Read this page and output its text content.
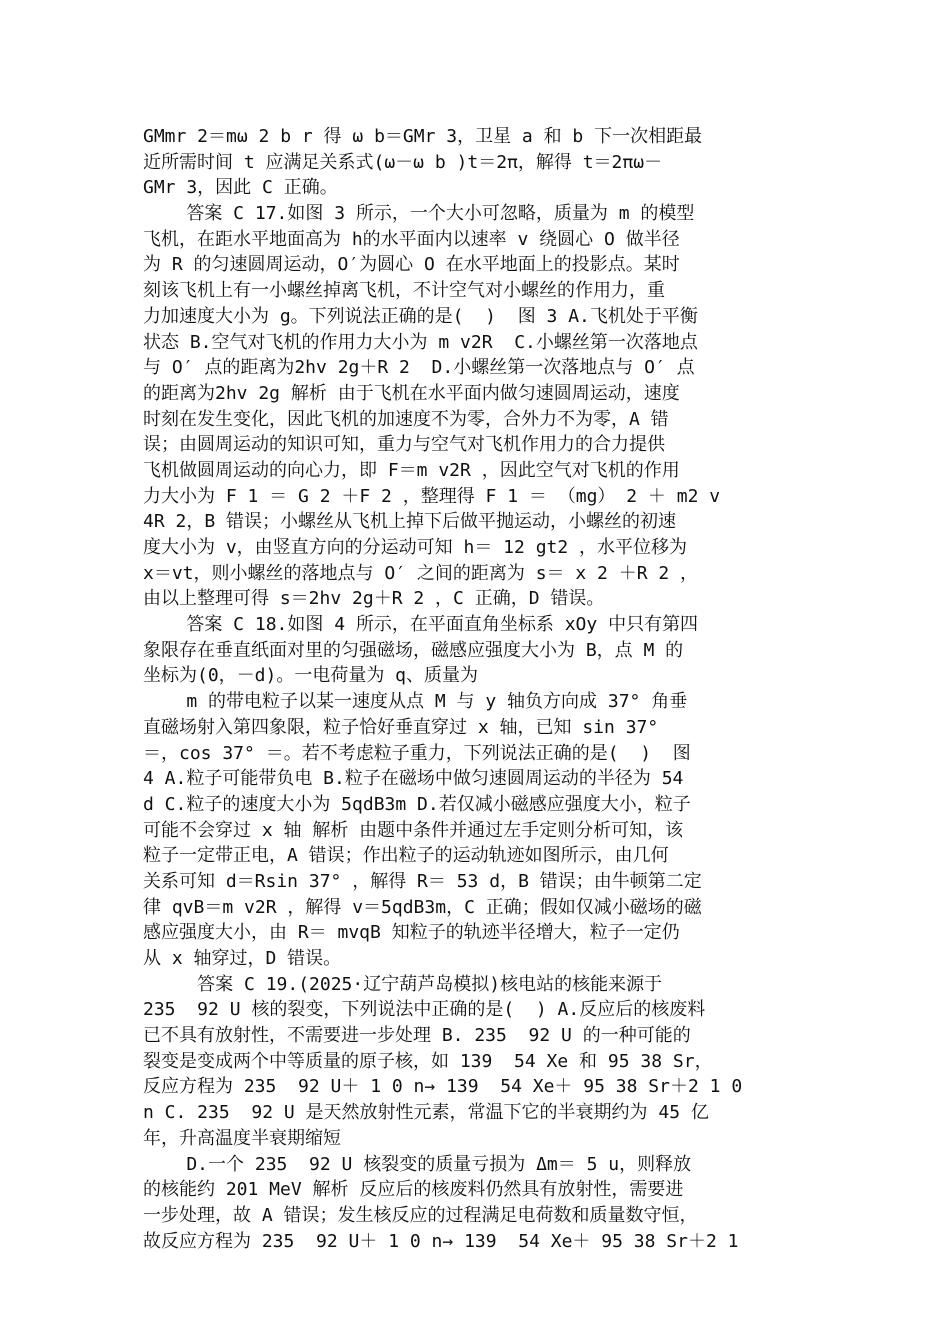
GMmr 2＝mω 2 b r 得 ω b＝GMr 3，卫星 a 和 b 下一次相距最
近所需时间 t 应满足关系式(ω－ω b )t＝2π，解得 t＝2πω－
GMr 3，因此 C 正确。
答案 C 17.如图 3 所示，一个大小可忽略，质量为 m 的模型
飞机，在距水平地面高为 h的水平面内以速率 v 绕圆心 O 做半径
为 R 的匀速圆周运动，O′为圆心 O 在水平地面上的投影点。某时
刻该飞机上有一小螺丝掉离飞机，不计空气对小螺丝的作用力，重
力加速度大小为 g。下列说法正确的是(  )  图 3 A.飞机处于平衡
状态 B.空气对飞机的作用力大小为 m v2R  C.小螺丝第一次落地点
与 O′ 点的距离为2hv 2g＋R 2  D.小螺丝第一次落地点与 O′ 点
的距离为2hv 2g 解析 由于飞机在水平面内做匀速圆周运动，速度
时刻在发生变化，因此飞机的加速度不为零，合外力不为零，A 错
误；由圆周运动的知识可知，重力与空气对飞机作用力的合力提供
飞机做圆周运动的向心力，即 F＝m v2R ，因此空气对飞机的作用
力大小为 F 1 ＝ G 2 ＋F 2 ，整理得 F 1 ＝ （mg） 2 ＋ m2 v
4R 2，B 错误；小螺丝从飞机上掉下后做平抛运动，小螺丝的初速
度大小为 v，由竖直方向的分运动可知 h＝ 12 gt2 ，水平位移为
x＝vt，则小螺丝的落地点与 O′ 之间的距离为 s＝ x 2 ＋R 2 ，
由以上整理可得 s＝2hv 2g＋R 2 ，C 正确，D 错误。
答案 C 18.如图 4 所示，在平面直角坐标系 xOy 中只有第四
象限存在垂直纸面对里的匀强磁场，磁感应强度大小为 B，点 M 的
坐标为(0，－d)。一电荷量为 q、质量为
m 的带电粒子以某一速度从点 M 与 y 轴负方向成 37° 角垂
直磁场射入第四象限，粒子恰好垂直穿过 x 轴，已知 sin 37°
＝，cos 37° ＝。若不考虑粒子重力，下列说法正确的是(  )  图
4 A.粒子可能带负电 B.粒子在磁场中做匀速圆周运动的半径为 54
d C.粒子的速度大小为 5qdB3m D.若仅减小磁感应强度大小，粒子
可能不会穿过 x 轴 解析 由题中条件并通过左手定则分析可知，该
粒子一定带正电，A 错误；作出粒子的运动轨迹如图所示，由几何
关系可知 d＝Rsin 37° ，解得 R＝ 53 d，B 错误；由牛顿第二定
律 qvB＝m v2R ，解得 v＝5qdB3m，C 正确；假如仅减小磁场的磁
感应强度大小，由 R＝ mvqB 知粒子的轨迹半径增大，粒子一定仍
从 x 轴穿过，D 错误。
答案 C 19.(2025·辽宁葫芦岛模拟)核电站的核能来源于
235  92 U 核的裂变，下列说法中正确的是(  ) A.反应后的核废料
已不具有放射性，不需要进一步处理 B. 235  92 U 的一种可能的
裂变是变成两个中等质量的原子核，如 139  54 Xe 和 95 38 Sr，
反应方程为 235  92 U＋ 1 0 n→ 139  54 Xe＋ 95 38 Sr＋2 1 0
n C. 235  92 U 是天然放射性元素，常温下它的半衰期约为 45 亿
年，升高温度半衰期缩短
D.一个 235  92 U 核裂变的质量亏损为 Δm＝ 5 u，则释放
的核能约 201 MeV 解析 反应后的核废料仍然具有放射性，需要进
一步处理，故 A 错误；发生核反应的过程满足电荷数和质量数守恒，
故反应方程为 235  92 U＋ 1 0 n→ 139  54 Xe＋ 95 38 Sr＋2 1
